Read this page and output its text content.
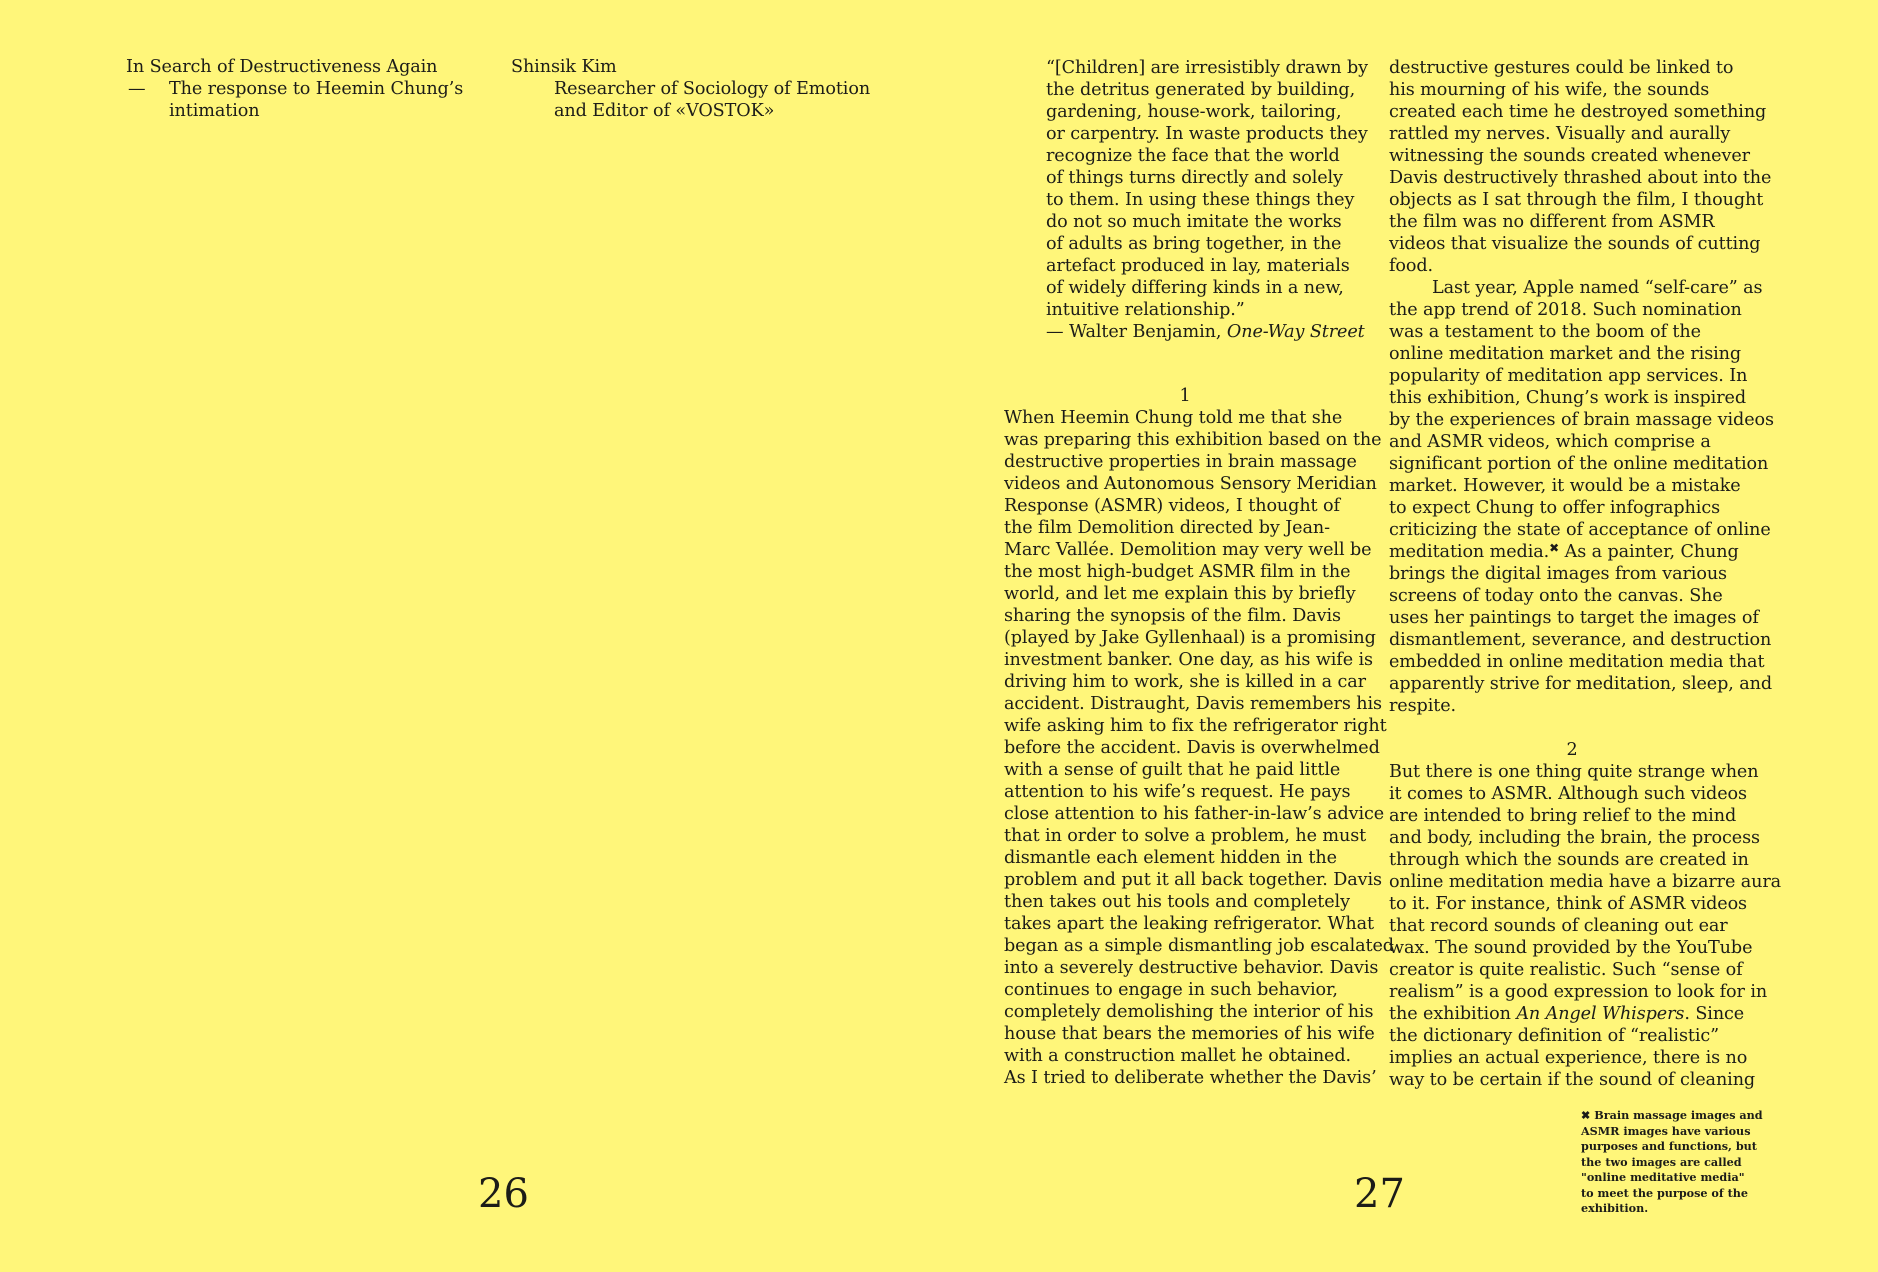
In Search of Destructiveness Again
— The response to Heemin Chung’s
intimation
Shinsik Kim
Researcher of Sociology of Emotion
and Editor of «VOSTOK»
26
“[Children] are irresistibly drawn by
the detritus generated by building,
gardening, house-work, tailoring,
or carpentry. In waste products they
recognize the face that the world
of things turns directly and solely
to them. In using these things they
do not so much imitate the works
of adults as bring together, in the
artefact produced in lay, materials
of widely differing kinds in a new,
intuitive relationship.”
— Walter Benjamin, One-Way Street
1
When Heemin Chung told me that she
was preparing this exhibition based on the
destructive properties in brain massage
videos and Autonomous Sensory Meridian
Response (ASMR) videos, I thought of
the film Demolition directed by Jean-
Marc Vallée. Demolition may very well be
the most high-budget ASMR film in the
world, and let me explain this by briefly
sharing the synopsis of the film. Davis
(played by Jake Gyllenhaal) is a promising
investment banker. One day, as his wife is
driving him to work, she is killed in a car
accident. Distraught, Davis remembers his
wife asking him to fix the refrigerator right
before the accident. Davis is overwhelmed
with a sense of guilt that he paid little
attention to his wife’s request. He pays
close attention to his father-in-law’s advice
that in order to solve a problem, he must
dismantle each element hidden in the
problem and put it all back together. Davis
then takes out his tools and completely
takes apart the leaking refrigerator. What
began as a simple dismantling job escalated
into a severely destructive behavior. Davis
continues to engage in such behavior,
completely demolishing the interior of his
house that bears the memories of his wife
with a construction mallet he obtained.
As I tried to deliberate whether the Davis’
destructive gestures could be linked to
his mourning of his wife, the sounds
created each time he destroyed something
rattled my nerves. Visually and aurally
witnessing the sounds created whenever
Davis destructively thrashed about into the
objects as I sat through the film, I thought
the film was no different from ASMR
videos that visualize the sounds of cutting
food.
Last year, Apple named “self-care” as
the app trend of 2018. Such nomination
was a testament to the boom of the
online meditation market and the rising
popularity of meditation app services. In
this exhibition, Chung’s work is inspired
by the experiences of brain massage videos
and ASMR videos, which comprise a
significant portion of the online meditation
market. However, it would be a mistake
to expect Chung to offer infographics
criticizing the state of acceptance of online
meditation media.✖ As a painter, Chung
brings the digital images from various
screens of today onto the canvas. She
uses her paintings to target the images of
dismantlement, severance, and destruction
embedded in online meditation media that
apparently strive for meditation, sleep, and
respite.
2
But there is one thing quite strange when
it comes to ASMR. Although such videos
are intended to bring relief to the mind
and body, including the brain, the process
through which the sounds are created in
online meditation media have a bizarre aura
to it. For instance, think of ASMR videos
that record sounds of cleaning out ear
wax. The sound provided by the YouTube
creator is quite realistic. Such “sense of
realism” is a good expression to look for in
the exhibition An Angel Whispers. Since
the dictionary definition of “realistic”
implies an actual experience, there is no
way to be certain if the sound of cleaning
✖ Brain massage images and
ASMR images have various
purposes and functions, but
the two images are called
"online meditative media"
to meet the purpose of the
exhibition.
27
